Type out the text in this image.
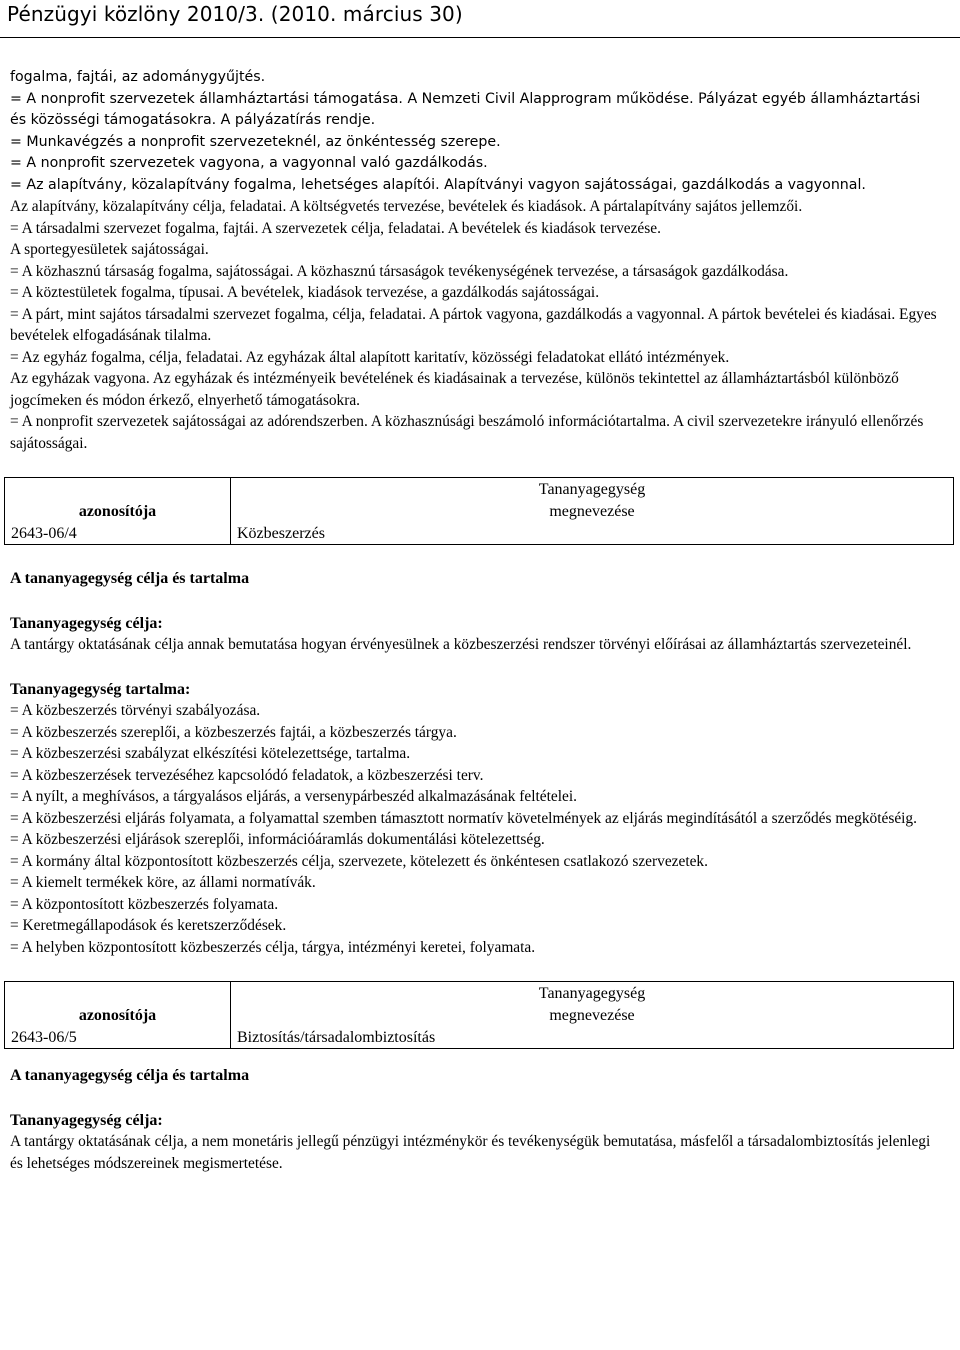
Pénzügyi közlöny 2010/3. (2010. március 30)

fogalma, fajtái, az adománygyűjtés.

= A nonprofit szervezetek államháztartási támogatása. A Nemzeti Civil Alapprogram működése. Pályázat egyéb államháztartási és közösségi támogatásokra. A pályázatírás rendje.

= Munkavégzés a nonprofit szervezeteknél, az önkéntesség szerepe.

= A nonprofit szervezetek vagyona, a vagyonnal való gazdálkodás.

= Az alapítvány, közalapítvány fogalma, lehetséges alapítói. Alapítványi vagyon sajátosságai, gazdálkodás a vagyonnal.

Az alapítvány, közalapítvány célja, feladatai. A költségvetés tervezése, bevételek és kiadások. A pártalapítvány sajátos jellemzői.

= A társadalmi szervezet fogalma, fajtái. A szervezetek célja, feladatai. A bevételek és kiadások tervezése.

A sportegyesületek sajátosságai.

= A közhasznú társaság fogalma, sajátosságai. A közhasznú társaságok tevékenységének tervezése, a társaságok gazdálkodása.

= A köztestületek fogalma, típusai. A bevételek, kiadások tervezése, a gazdálkodás sajátosságai.

= A párt, mint sajátos társadalmi szervezet fogalma, célja, feladatai. A pártok vagyona, gazdálkodás a vagyonnal. A pártok bevételei és kiadásai. Egyes bevételek elfogadásának tilalma.

= Az egyház fogalma, célja, feladatai. Az egyházak által alapított karitatív, közösségi feladatokat ellátó intézmények.

Az egyházak vagyona. Az egyházak és intézményeik bevételének és kiadásainak a tervezése, különös tekintettel az államháztartásból különböző jogcímeken és módon érkező, elnyerhető támogatásokra.

= A nonprofit szervezetek sajátosságai az adórendszerben. A közhasznúsági beszámoló információtartalma. A civil szervezetekre irányuló ellenőrzés sajátosságai.

	Tananyagegység
azonosítója	megnevezése
2643-06/4	Közbeszerzés

A tananyagegység célja és tartalma

Tananyagegység célja:

A tantárgy oktatásának célja annak bemutatása hogyan érvényesülnek a közbeszerzési rendszer törvényi előírásai az államháztartás szervezeteinél.

Tananyagegység tartalma:

= A közbeszerzés törvényi szabályozása.

= A közbeszerzés szereplői, a közbeszerzés fajtái, a közbeszerzés tárgya.

= A közbeszerzési szabályzat elkészítési kötelezettsége, tartalma.

= A közbeszerzések tervezéséhez kapcsolódó feladatok, a közbeszerzési terv.

= A nyílt, a meghívásos, a tárgyalásos eljárás, a versenypárbeszéd alkalmazásának feltételei.

= A közbeszerzési eljárás folyamata, a folyamattal szemben támasztott normatív követelmények az eljárás megindításától a szerződés megkötéséig.

= A közbeszerzési eljárások szereplői, információáramlás dokumentálási kötelezettség.

= A kormány által központosított közbeszerzés célja, szervezete, kötelezett és önkéntesen csatlakozó szervezetek.

= A kiemelt termékek köre, az állami normatívák.

= A központosított közbeszerzés folyamata.

= Keretmegállapodások és keretszerződések.

= A helyben központosított közbeszerzés célja, tárgya, intézményi keretei, folyamata.

	Tananyagegység
azonosítója	megnevezése
2643-06/5	Biztosítás/társadalombiztosítás

A tananyagegység célja és tartalma

Tananyagegység célja:

A tantárgy oktatásának célja, a nem monetáris jellegű pénzügyi intézménykör és tevékenységük bemutatása, másfelől a társadalombiztosítás jelenlegi és lehetséges módszereinek megismertetése.
